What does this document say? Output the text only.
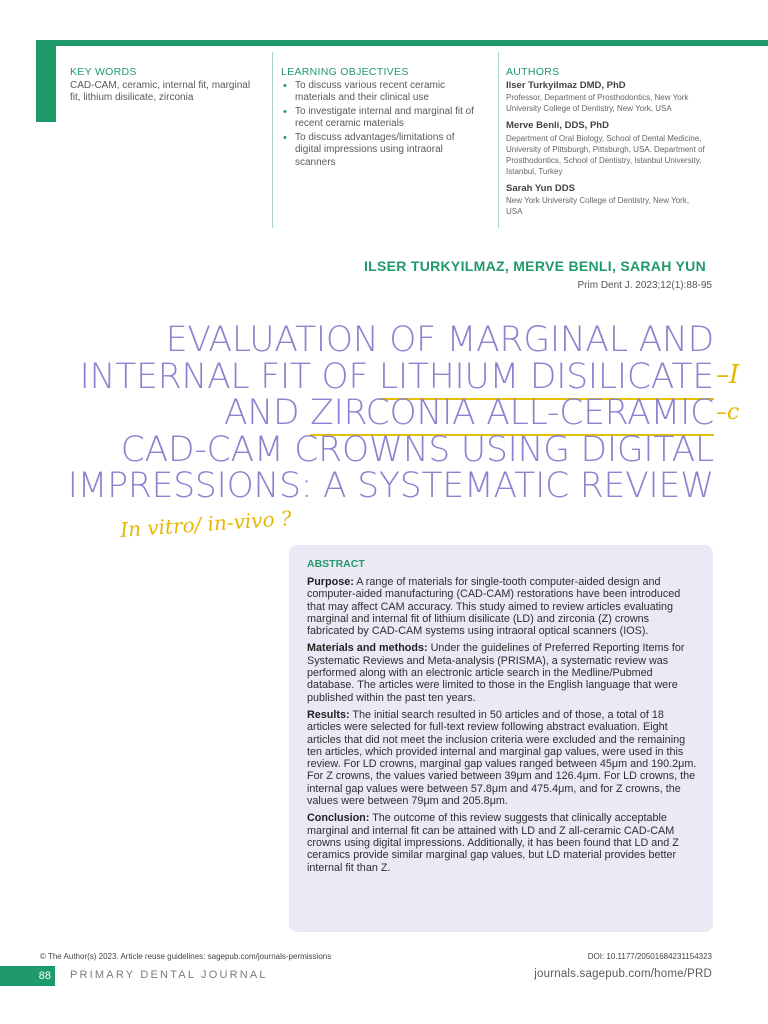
KEY WORDS
CAD-CAM, ceramic, internal fit, marginal fit, lithium disilicate, zirconia
LEARNING OBJECTIVES
• To discuss various recent ceramic materials and their clinical use
• To investigate internal and marginal fit of recent ceramic materials
• To discuss advantages/limitations of digital impressions using intraoral scanners
AUTHORS
Ilser Turkyilmaz DMD, PhD
Professor, Department of Prosthodontics, New York University College of Dentistry, New York, USA
Merve Benli, DDS, PhD
Department of Oral Biology, School of Dental Medicine, University of Pittsburgh, Pittsburgh, USA. Department of Prosthodontics, School of Dentistry, Istanbul University, Istanbul, Turkey
Sarah Yun DDS
New York University College of Dentistry, New York, USA
ILSER TURKYILMAZ, MERVE BENLI, SARAH YUN
Prim Dent J. 2023;12(1):88-95
EVALUATION OF MARGINAL AND
INTERNAL FIT OF LITHIUM DISILICATE
AND ZIRCONIA ALL-CERAMIC
CAD-CAM CROWNS USING DIGITAL
IMPRESSIONS: A SYSTEMATIC REVIEW
–I
–c
In vitro/ in-vivo ?
ABSTRACT

Purpose: A range of materials for single-tooth computer-aided design and computer-aided manufacturing (CAD-CAM) restorations have been introduced that may affect CAM accuracy. This study aimed to review articles evaluating marginal and internal fit of lithium disilicate (LD) and zirconia (Z) crowns fabricated by CAD-CAM systems using intraoral optical scanners (IOS).

Materials and methods: Under the guidelines of Preferred Reporting Items for Systematic Reviews and Meta-analysis (PRISMA), a systematic review was performed along with an electronic article search in the Medline/Pubmed database. The articles were limited to those in the English language that were published within the past ten years.

Results: The initial search resulted in 50 articles and of those, a total of 18 articles were selected for full-text review following abstract evaluation. Eight articles that did not meet the inclusion criteria were excluded and the remaining ten articles, which provided internal and marginal gap values, were used in this review. For LD crowns, marginal gap values ranged between 45μm and 190.2μm. For Z crowns, the values varied between 39μm and 126.4μm. For LD crowns, the internal gap values were between 57.8μm and 475.4μm, and for Z crowns, the values were between 79μm and 205.8μm.

Conclusion: The outcome of this review suggests that clinically acceptable marginal and internal fit can be attained with LD and Z all-ceramic CAD-CAM crowns using digital impressions. Additionally, it has been found that LD and Z ceramics provide similar marginal gap values, but LD material provides better internal fit than Z.

© The Author(s) 2023. Article reuse guidelines: sagepub.com/journals-permissions	DOI: 10.1177/20501684231154323
88	PRIMARY DENTAL JOURNAL	journals.sagepub.com/home/PRD
